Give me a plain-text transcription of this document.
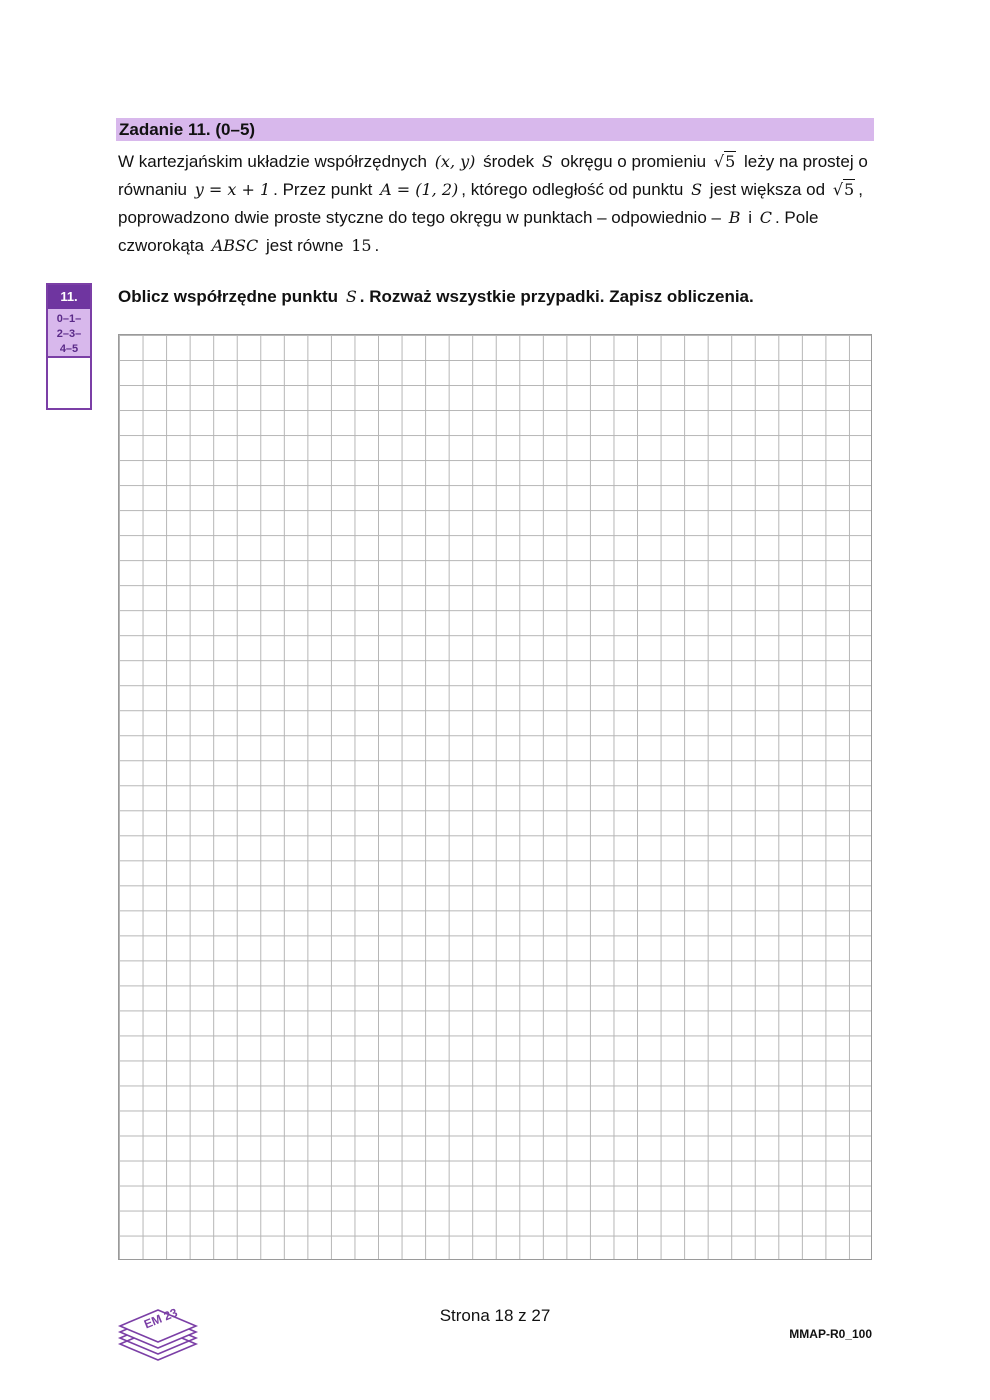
Zadanie 11. (0–5)
W kartezjańskim układzie współrzędnych (x, y) środek S okręgu o promieniu √5 leży na prostej o równaniu y = x + 1 . Przez punkt A = (1, 2) , którego odległość od punktu S jest większa od √5 , poprowadzono dwie proste styczne do tego okręgu w punktach – odpowiednio – B i C . Pole czworokąta ABSC jest równe 15 .
11.
0–1–
2–3–
4–5
Oblicz współrzędne punktu S . Rozważ wszystkie przypadki. Zapisz obliczenia.
EM 23	Strona 18 z 27
MMAP-R0_100
